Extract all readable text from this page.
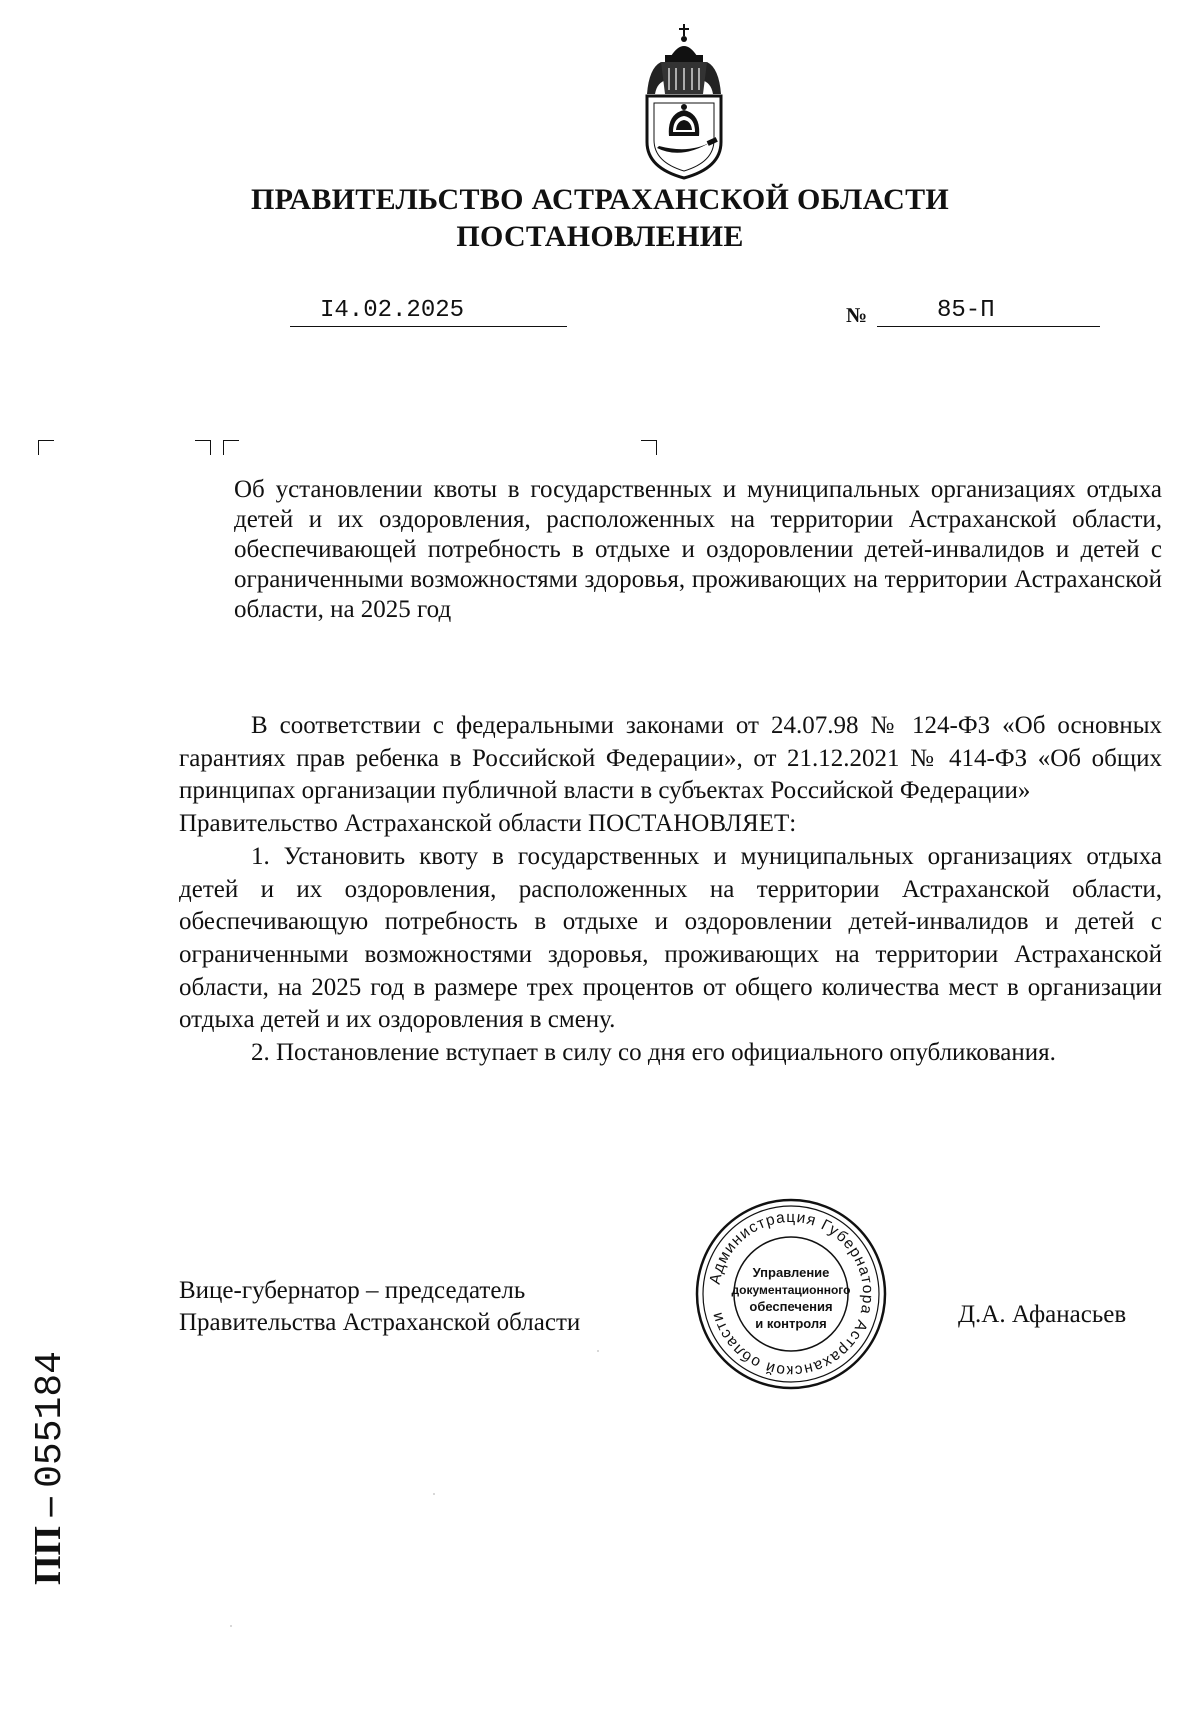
ПРАВИТЕЛЬСТВО АСТРАХАНСКОЙ ОБЛАСТИ
ПОСТАНОВЛЕНИЕ
I4.02.2025	№	85-П

Об установлении квоты в государственных и муниципальных организациях отдыха детей и их оздоровления, расположенных на территории Астраханской области, обеспечивающей потребность в отдыхе и оздоровлении детей-инвалидов и детей с ограниченными возможностями здоровья, проживающих на территории Астраханской области, на 2025 год

В соответствии с федеральными законами от 24.07.98 № 124-ФЗ «Об основных гарантиях прав ребенка в Российской Федерации», от 21.12.2021 № 414-ФЗ «Об общих принципах организации публичной власти в субъектах Российской Федерации»

Правительство Астраханской области ПОСТАНОВЛЯЕТ:

1. Установить квоту в государственных и муниципальных организациях отдыха детей и их оздоровления, расположенных на территории Астраханской области, обеспечивающую потребность в отдыхе и оздоровлении детей-инвалидов и детей с ограниченными возможностями здоровья, проживающих на территории Астраханской области, на 2025 год в размере трех процентов от общего количества мест в организации отдыха детей и их оздоровления в смену.

2. Постановление вступает в силу со дня его официального опубликования.

Вице-губернатор – председатель
Правительства Астраханской области
Администрация Губернатора Астраханской области
Управление
документационного
обеспечения
и контроля	Д.А. Афанасьев
ПП – 055184
